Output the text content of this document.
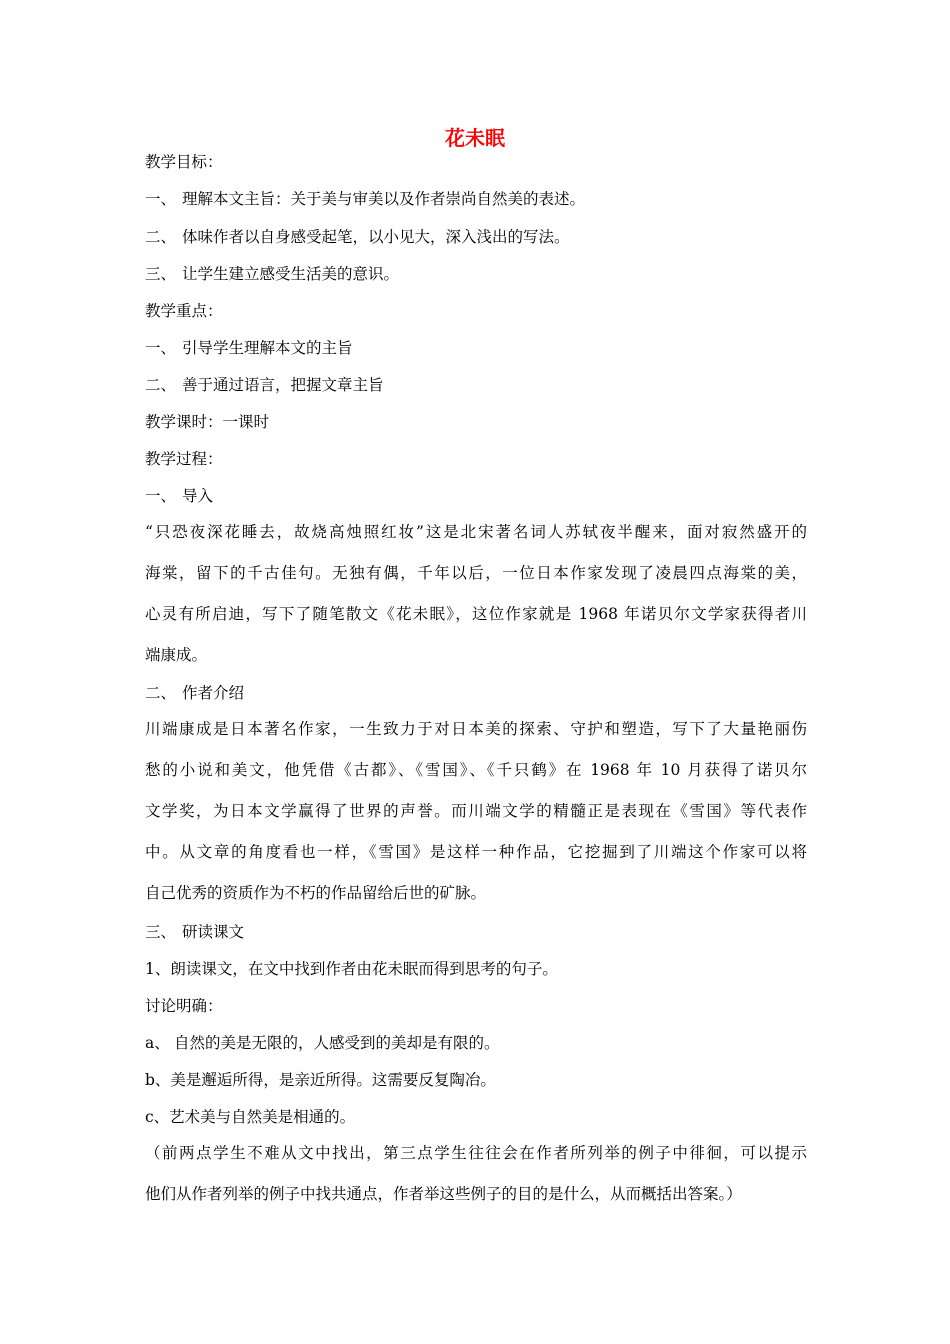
花未眠
教学目标：
一、 理解本文主旨：关于美与审美以及作者崇尚自然美的表述。
二、 体味作者以自身感受起笔，以小见大，深入浅出的写法。
三、 让学生建立感受生活美的意识。
教学重点：
一、 引导学生理解本文的主旨
二、 善于通过语言，把握文章主旨
教学课时：一课时
教学过程：
一、 导入
“只恐夜深花睡去，故烧高烛照红妆”这是北宋著名词人苏轼夜半醒来，面对寂然盛开的
海棠，留下的千古佳句。无独有偶，千年以后，一位日本作家发现了凌晨四点海棠的美，
心灵有所启迪，写下了随笔散文《花未眠》，这位作家就是 1968 年诺贝尔文学家获得者川
端康成。
二、 作者介绍
川端康成是日本著名作家，一生致力于对日本美的探索、守护和塑造，写下了大量艳丽伤
愁的小说和美文，他凭借《古都》、《雪国》、《千只鹤》在 1968 年 10 月获得了诺贝尔
文学奖，为日本文学赢得了世界的声誉。而川端文学的精髓正是表现在《雪国》等代表作
中。从文章的角度看也一样，《雪国》是这样一种作品，它挖掘到了川端这个作家可以将
自己优秀的资质作为不朽的作品留给后世的矿脉。
三、 研读课文
1、朗读课文，在文中找到作者由花未眠而得到思考的句子。
讨论明确：
a、 自然的美是无限的，人感受到的美却是有限的。
b、美是邂逅所得，是亲近所得。这需要反复陶冶。
c、艺术美与自然美是相通的。
（前两点学生不难从文中找出，第三点学生往往会在作者所列举的例子中徘徊，可以提示
他们从作者列举的例子中找共通点，作者举这些例子的目的是什么，从而概括出答案。）
